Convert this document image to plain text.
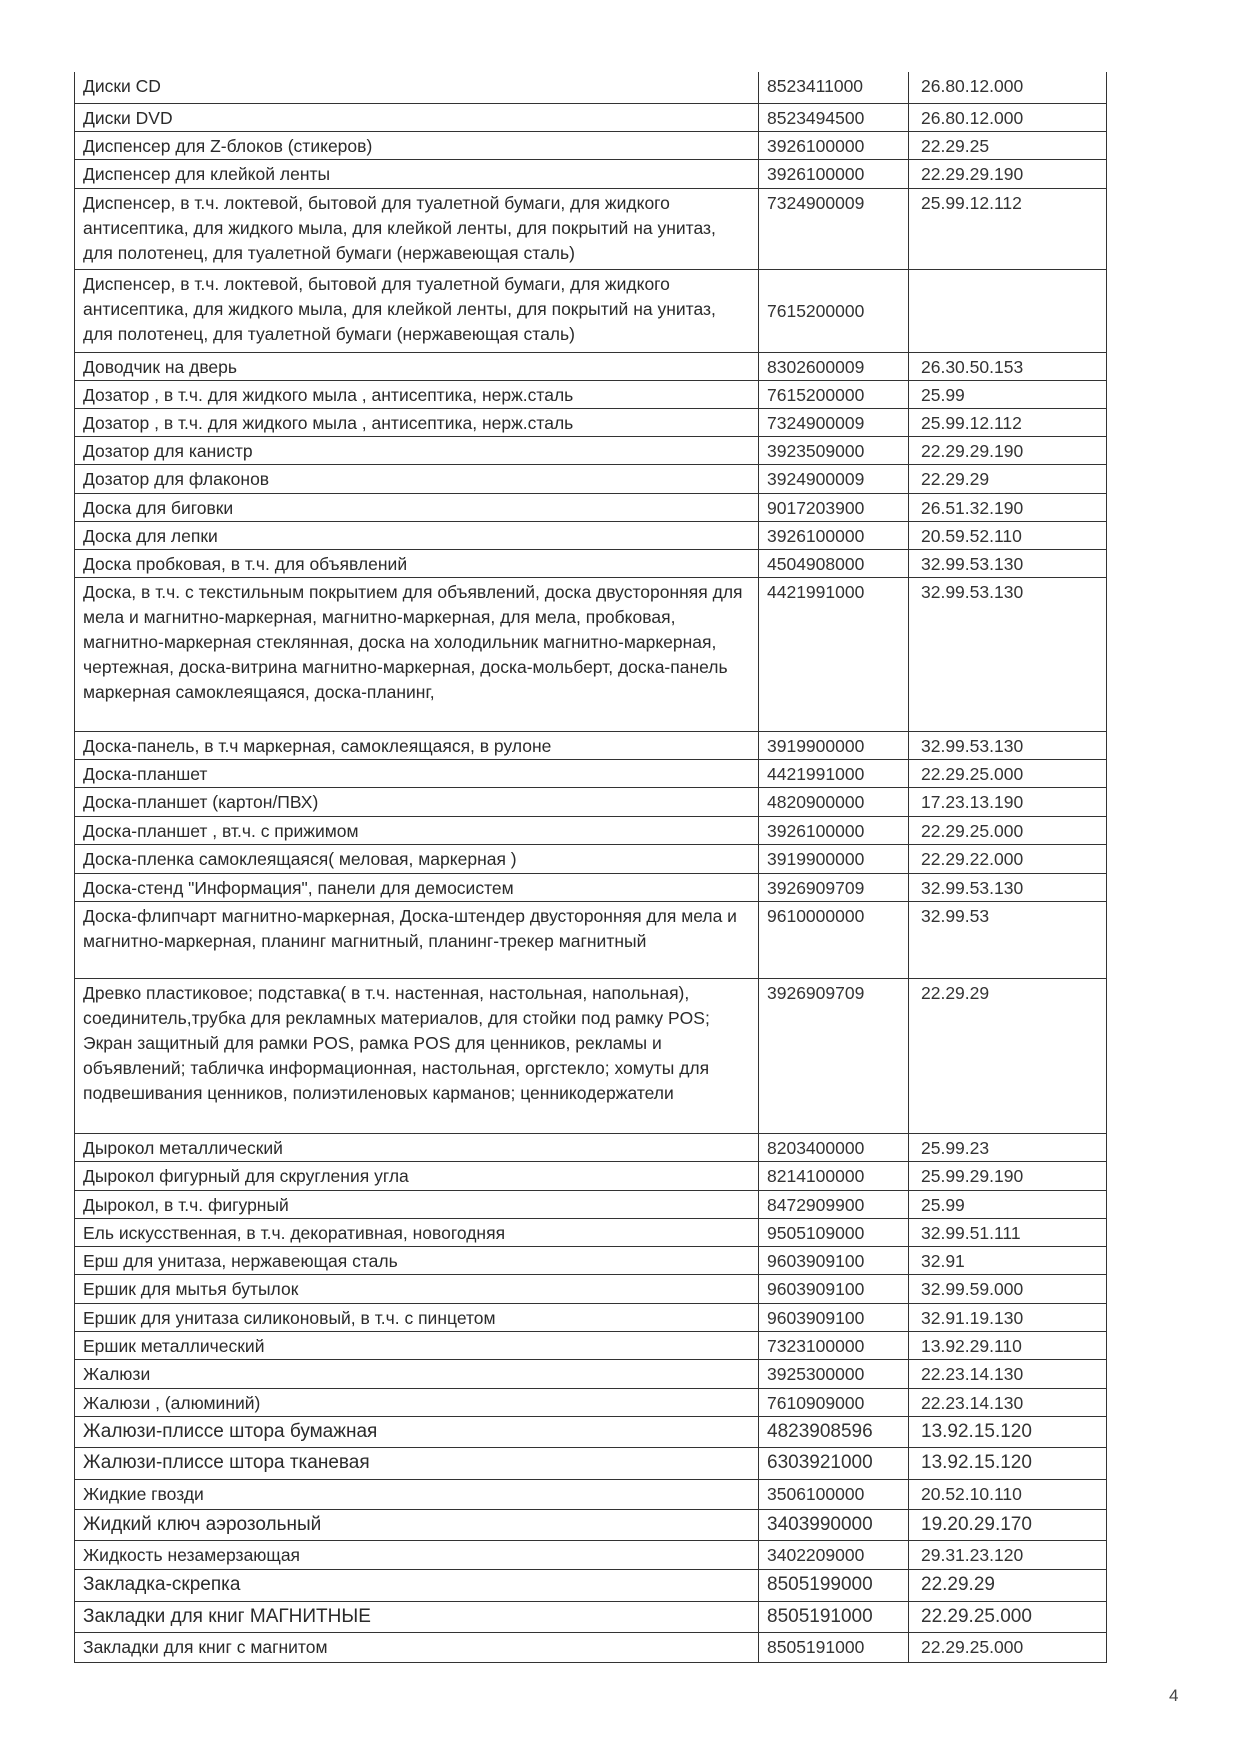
Диски CD	8523411000	26.80.12.000
Диски DVD	8523494500	26.80.12.000
Диспенсер для Z-блоков (стикеров)	3926100000	22.29.25
Диспенсер для клейкой ленты	3926100000	22.29.29.190
Диспенсер, в т.ч. локтевой, бытовой для туалетной бумаги, для жидкого антисептика, для жидкого мыла, для клейкой ленты, для покрытий на унитаз, для полотенец, для туалетной бумаги (нержавеющая сталь)	7324900009	25.99.12.112
Диспенсер, в т.ч. локтевой, бытовой для туалетной бумаги, для жидкого антисептика, для жидкого мыла, для клейкой ленты, для покрытий на унитаз, для полотенец, для туалетной бумаги (нержавеющая сталь)	7615200000	
Доводчик на дверь	8302600009	26.30.50.153
Дозатор , в т.ч. для жидкого мыла , антисептика, нерж.сталь	7615200000	25.99
Дозатор , в т.ч. для жидкого мыла , антисептика, нерж.сталь	7324900009	25.99.12.112
Дозатор для канистр	3923509000	22.29.29.190
Дозатор для флаконов	3924900009	22.29.29
Доска для биговки	9017203900	26.51.32.190
Доска для лепки	3926100000	20.59.52.110
Доска пробковая, в т.ч. для объявлений	4504908000	32.99.53.130
Доска, в т.ч. с текстильным покрытием для объявлений, доска двусторонняя для мела и магнитно-маркерная, магнитно-маркерная, для мела, пробковая, магнитно-маркерная стеклянная, доска на холодильник магнитно-маркерная, чертежная, доска-витрина магнитно-маркерная, доска-мольберт, доска-панель маркерная самоклеящаяся, доска-планинг,	4421991000	32.99.53.130
Доска-панель, в т.ч маркерная, самоклеящаяся, в рулоне	3919900000	32.99.53.130
Доска-планшет	4421991000	22.29.25.000
Доска-планшет (картон/ПВХ)	4820900000	17.23.13.190
Доска-планшет , вт.ч. с прижимом	3926100000	22.29.25.000
Доска-пленка самоклеящаяся( меловая, маркерная )	3919900000	22.29.22.000
Доска-стенд "Информация", панели для демосистем	3926909709	32.99.53.130
Доска-флипчарт магнитно-маркерная, Доска-штендер двусторонняя для мела и магнитно-маркерная, планинг магнитный, планинг-трекер магнитный	9610000000	32.99.53
Древко пластиковое; подставка( в т.ч. настенная, настольная, напольная), соединитель,трубка для рекламных материалов, для стойки под рамку POS; Экран защитный для рамки POS, рамка POS для ценников, рекламы и объявлений; табличка информационная, настольная, оргстекло; хомуты для подвешивания ценников, полиэтиленовых карманов; ценникодержатели	3926909709	22.29.29
Дырокол металлический	8203400000	25.99.23
Дырокол фигурный для скругления угла	8214100000	25.99.29.190
Дырокол, в т.ч. фигурный	8472909900	25.99
Ель искусственная, в т.ч. декоративная, новогодняя	9505109000	32.99.51.111
Ерш для унитаза, нержавеющая сталь	9603909100	32.91
Ершик для мытья бутылок	9603909100	32.99.59.000
Ершик для унитаза силиконовый, в т.ч. с пинцетом	9603909100	32.91.19.130
Ершик металлический	7323100000	13.92.29.110
Жалюзи	3925300000	22.23.14.130
Жалюзи , (алюминий)	7610909000	22.23.14.130
Жалюзи-плиссе штора бумажная	4823908596	13.92.15.120
Жалюзи-плиссе штора тканевая	6303921000	13.92.15.120
Жидкие гвозди	3506100000	20.52.10.110
Жидкий ключ аэрозольный	3403990000	19.20.29.170
Жидкость незамерзающая	3402209000	29.31.23.120
Закладка-скрепка	8505199000	22.29.29
Закладки для книг МАГНИТНЫЕ	8505191000	22.29.25.000
Закладки для книг с магнитом	8505191000	22.29.25.000
4
